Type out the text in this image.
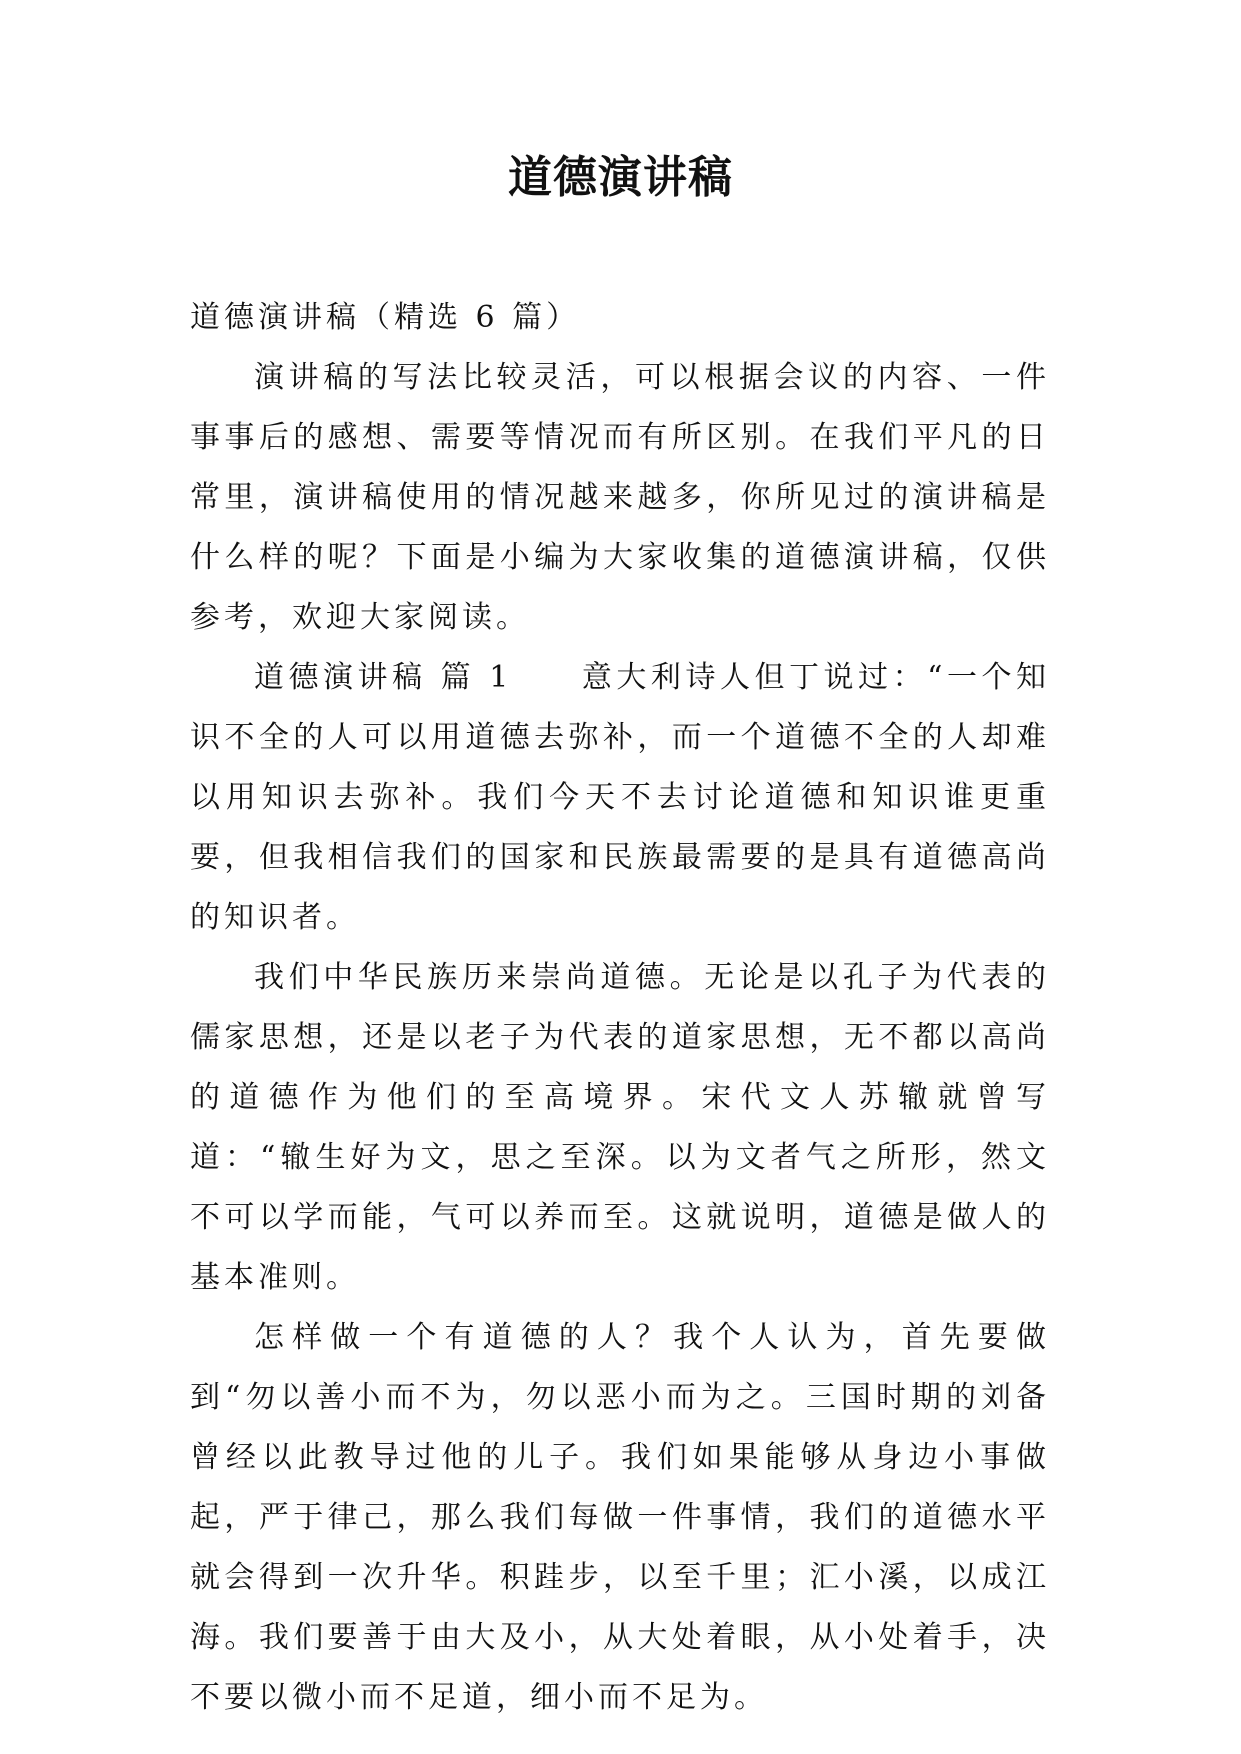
道德演讲稿

道德演讲稿（精选 6 篇）

演讲稿的写法比较灵活，可以根据会议的内容、一件事事后的感想、需要等情况而有所区别。在我们平凡的日常里，演讲稿使用的情况越来越多，你所见过的演讲稿是什么样的呢？下面是小编为大家收集的道德演讲稿，仅供参考，欢迎大家阅读。

道德演讲稿 篇 1　　意大利诗人但丁说过：“一个知识不全的人可以用道德去弥补，而一个道德不全的人却难以用知识去弥补。我们今天不去讨论道德和知识谁更重要，但我相信我们的国家和民族最需要的是具有道德高尚的知识者。

我们中华民族历来崇尚道德。无论是以孔子为代表的儒家思想，还是以老子为代表的道家思想，无不都以高尚的道德作为他们的至高境界。宋代文人苏辙就曾写道：“辙生好为文，思之至深。以为文者气之所形，然文不可以学而能，气可以养而至。这就说明，道德是做人的基本准则。

怎样做一个有道德的人？我个人认为，首先要做到“勿以善小而不为，勿以恶小而为之。三国时期的刘备曾经以此教导过他的儿子。我们如果能够从身边小事做起，严于律己，那么我们每做一件事情，我们的道德水平就会得到一次升华。积跬步，以至千里；汇小溪，以成江海。我们要善于由大及小，从大处着眼，从小处着手，决不要以微小而不足道，细小而不足为。
